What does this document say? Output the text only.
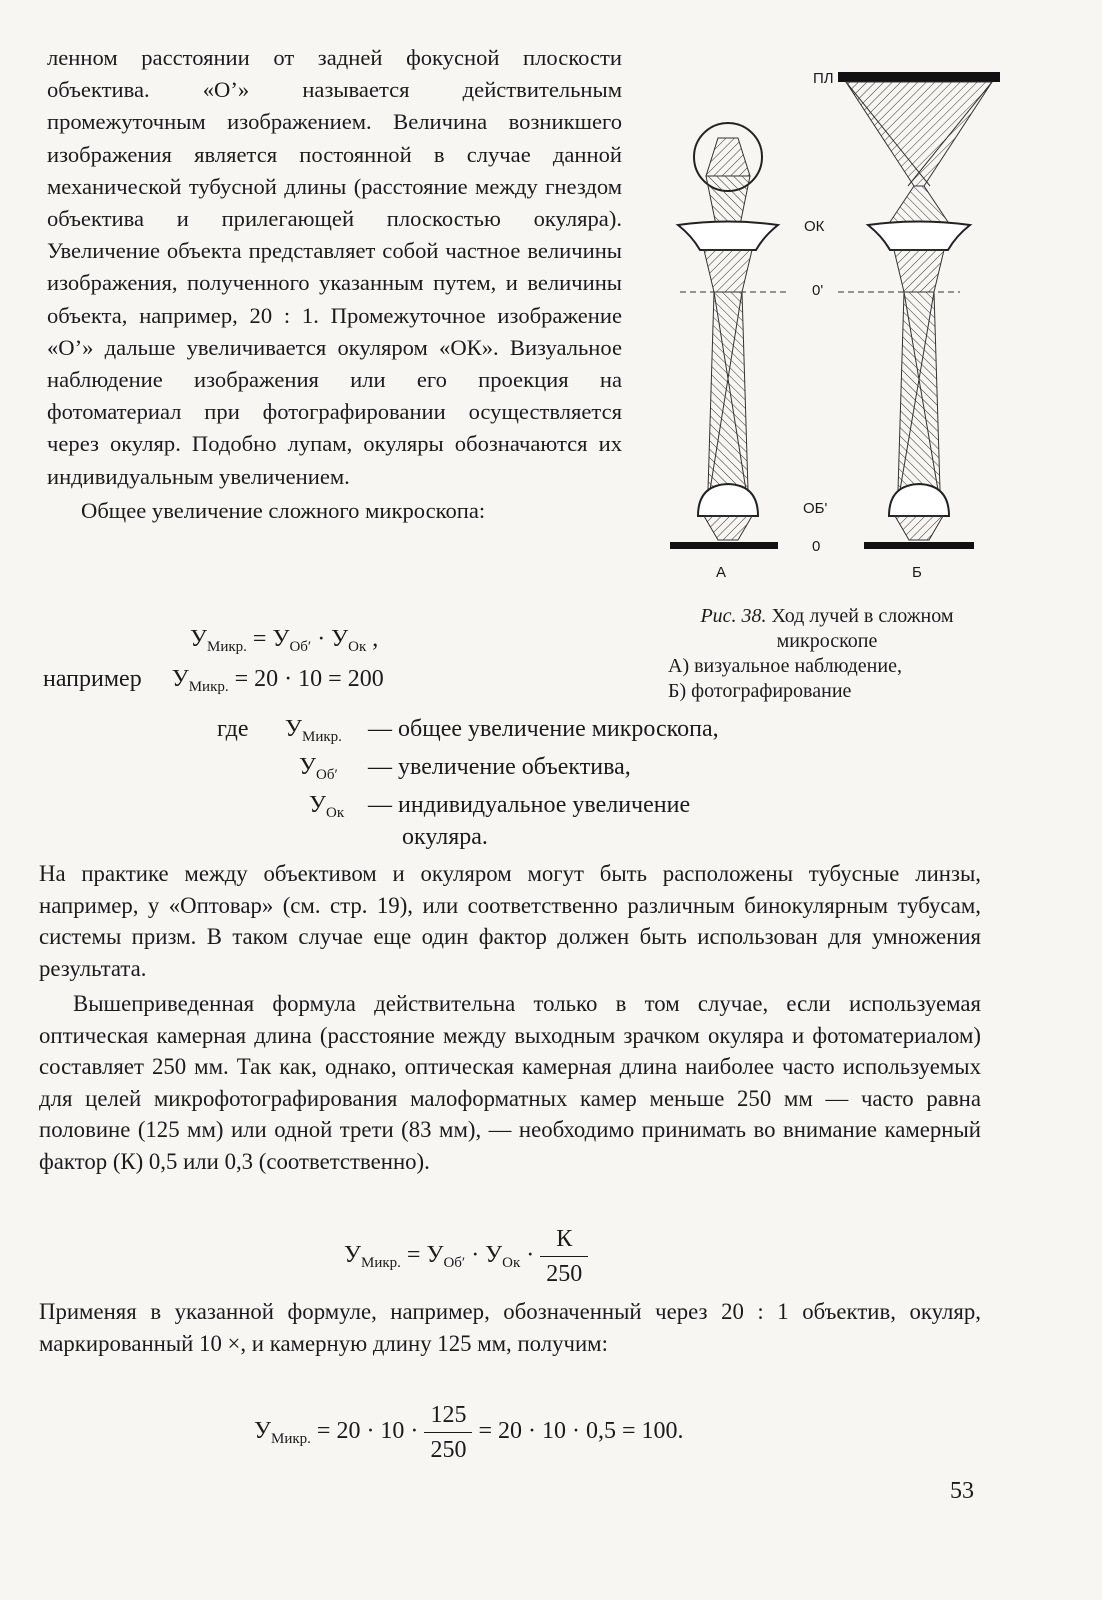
ленном расстоянии от задней фокусной плоскости объектива. «О’» называется действительным промежуточным изображением. Величина возникшего изображения является постоянной в случае данной механической тубусной длины (расстояние между гнездом объектива и прилегающей плоскостью окуляра). Увеличение объекта представляет собой частное величины изображения, полученного указанным путем, и величины объекта, например, 20 : 1. Промежуточное изображение «О’» дальше увеличивается окуляром «ОК». Визуальное наблюдение изображения или его проекция на фотоматериал при фотографировании осуществляется через окуляр. Подобно лупам, окуляры обозначаются их индивидуальным увеличением.

Общее увеличение сложного микроскопа:

$У_{Микр.} = У_{Об'} \cdot У_{Ок}$ ,
например $У_{Микр.} = 20 \cdot 10 = 200$
ПЛ
ОК
0'
ОБ'
0
А	Б
Рис. 38. Ход лучей в сложном микроскопе
А) визуальное наблюдение,
Б) фотографирование
где $У_{Микр.}$ — общее увеличение микроскопа,
$У_{Об'}$ — увеличение объектива,
$У_{Ок}$ — индивидуальное увеличение
окуляра.

На практике между объективом и окуляром могут быть расположены тубусные линзы, например, у «Оптовар» (см. стр. 19), или соответственно различным бинокулярным тубусам, системы призм. В таком случае еще один фактор должен быть использован для умножения результата.

Вышеприведенная формула действительна только в том случае, если используемая оптическая камерная длина (расстояние между выходным зрачком окуляра и фотоматериалом) составляет 250 мм. Так как, однако, оптическая камерная длина наиболее часто используемых для целей микрофотографирования малоформатных камер меньше 250 мм — часто равна половине (125 мм) или одной трети (83 мм), — необходимо принимать во внимание камерный фактор (К) 0,5 или 0,3 (соответственно).

$У_{Микр.} = У_{Об'} \cdot У_{Ок} \cdot \frac{К}{250}$

Применяя в указанной формуле, например, обозначенный через 20 : 1 объектив, окуляр, маркированный 10 ×, и камерную длину 125 мм, получим:

$У_{Микр.} = 20 \cdot 10 \cdot \frac{125}{250} = 20 \cdot 10 \cdot 0,5 = 100$.
53
